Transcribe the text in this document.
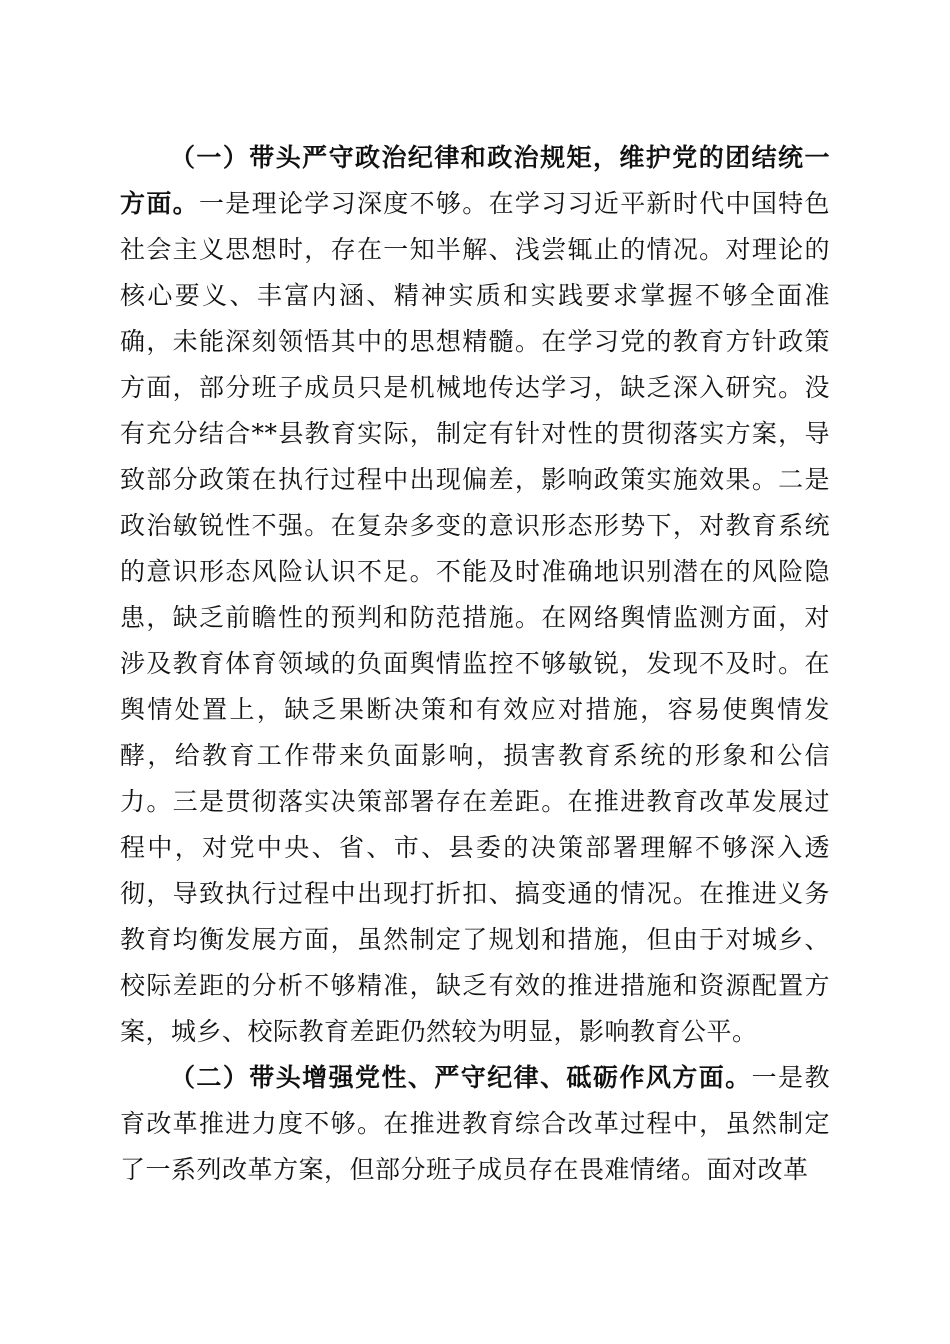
（一）带头严守政治纪律和政治规矩，维护党的团结统一方面。一是理论学习深度不够。在学习习近平新时代中国特色社会主义思想时，存在一知半解、浅尝辄止的情况。对理论的核心要义、丰富内涵、精神实质和实践要求掌握不够全面准确，未能深刻领悟其中的思想精髓。在学习党的教育方针政策方面，部分班子成员只是机械地传达学习，缺乏深入研究。没有充分结合**县教育实际，制定有针对性的贯彻落实方案，导致部分政策在执行过程中出现偏差，影响政策实施效果。二是政治敏锐性不强。在复杂多变的意识形态形势下，对教育系统的意识形态风险认识不足。不能及时准确地识别潜在的风险隐患，缺乏前瞻性的预判和防范措施。在网络舆情监测方面，对涉及教育体育领域的负面舆情监控不够敏锐，发现不及时。在舆情处置上，缺乏果断决策和有效应对措施，容易使舆情发酵，给教育工作带来负面影响，损害教育系统的形象和公信力。三是贯彻落实决策部署存在差距。在推进教育改革发展过程中，对党中央、省、市、县委的决策部署理解不够深入透彻，导致执行过程中出现打折扣、搞变通的情况。在推进义务教育均衡发展方面，虽然制定了规划和措施，但由于对城乡、校际差距的分析不够精准，缺乏有效的推进措施和资源配置方案，城乡、校际教育差距仍然较为明显，影响教育公平。

（二）带头增强党性、严守纪律、砥砺作风方面。一是教育改革推进力度不够。在推进教育综合改革过程中，虽然制定了一系列改革方案，但部分班子成员存在畏难情绪。面对改革
